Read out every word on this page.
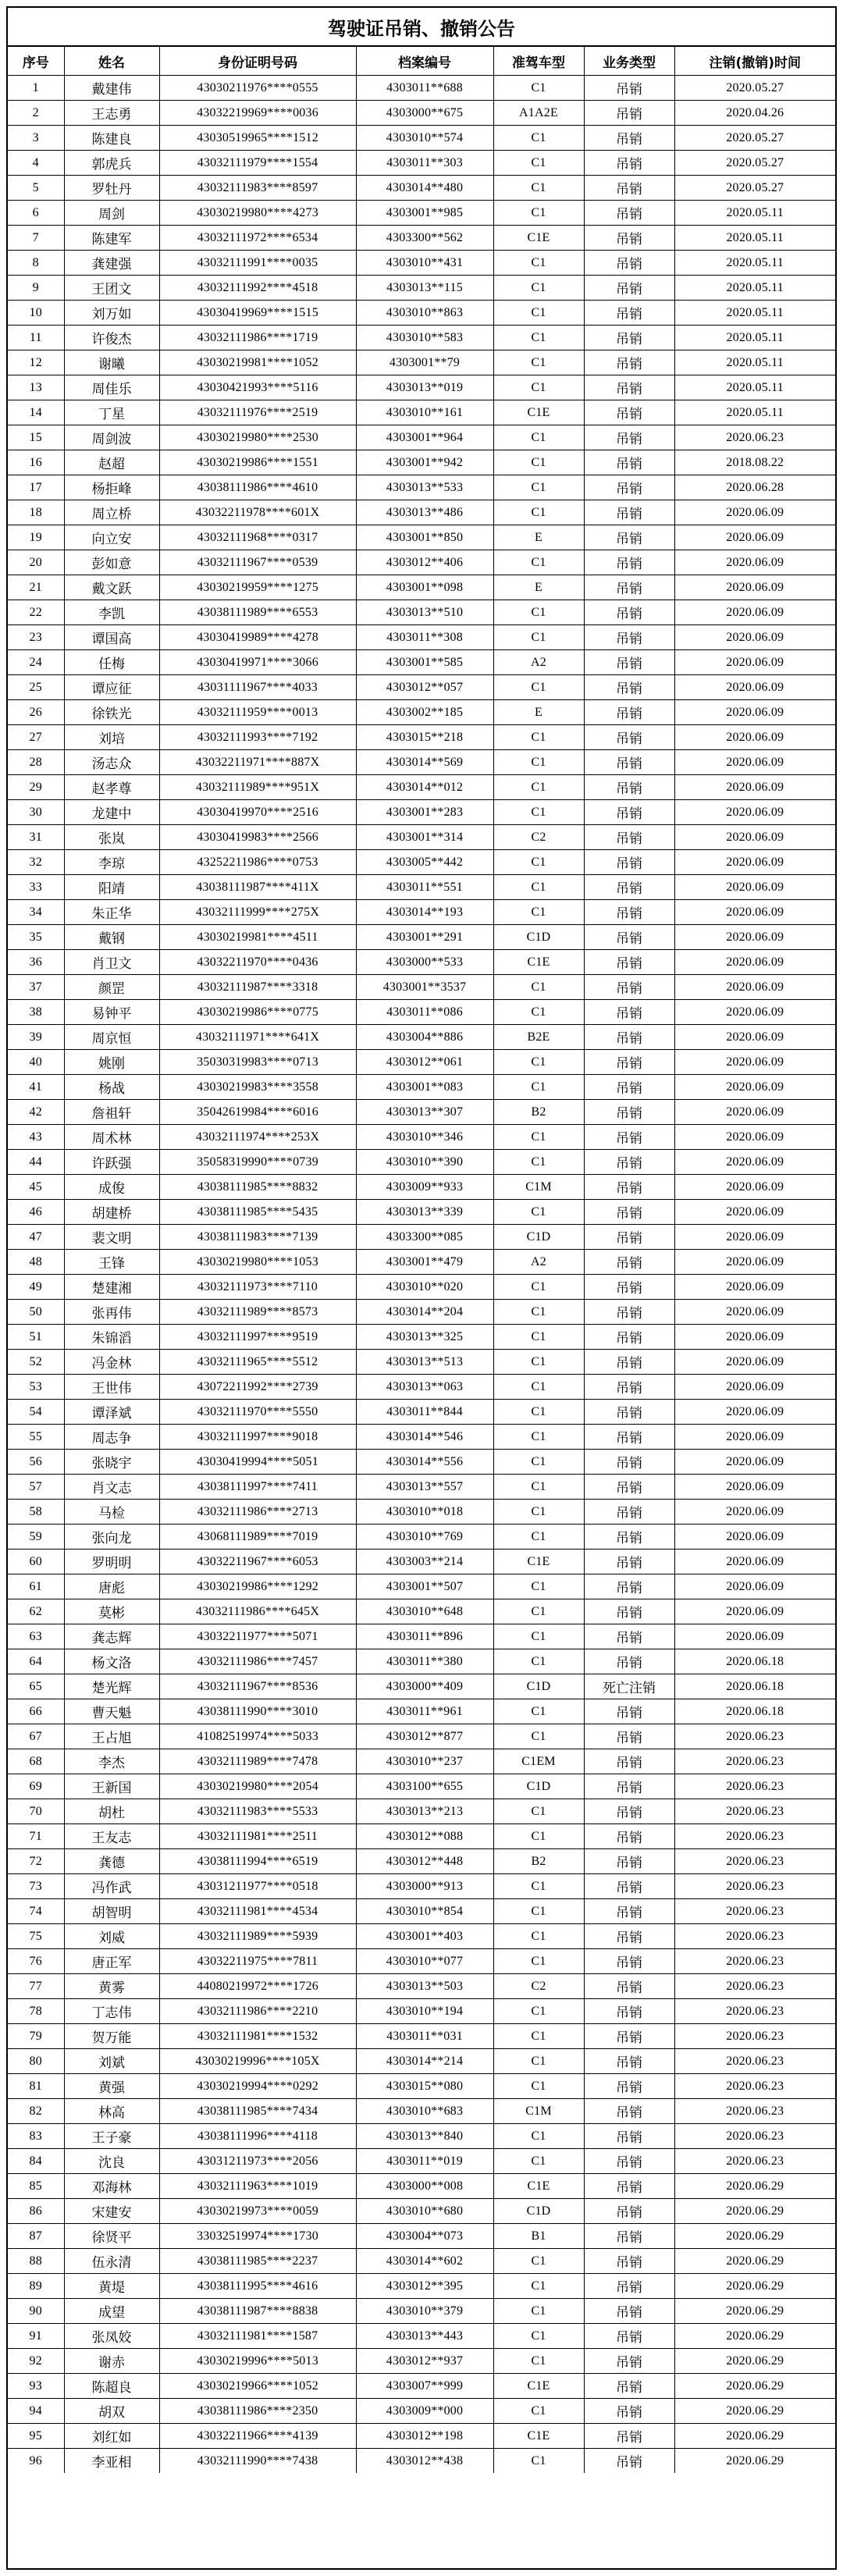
驾驶证吊销、撤销公告
序号	姓名	身份证明号码	档案编号	准驾车型	业务类型	注销(撤销)时间
1	戴建伟	43030211976****0555	4303011**688	C1	吊销	2020.05.27
2	王志勇	43032219969****0036	4303000**675	A1A2E	吊销	2020.04.26
3	陈建良	43030519965****1512	4303010**574	C1	吊销	2020.05.27
4	郭虎兵	43032111979****1554	4303011**303	C1	吊销	2020.05.27
5	罗牡丹	43032111983****8597	4303014**480	C1	吊销	2020.05.27
6	周剑	43030219980****4273	4303001**985	C1	吊销	2020.05.11
7	陈建军	43032111972****6534	4303300**562	C1E	吊销	2020.05.11
8	龚建强	43032111991****0035	4303010**431	C1	吊销	2020.05.11
9	王团文	43032111992****4518	4303013**115	C1	吊销	2020.05.11
10	刘万如	43030419969****1515	4303010**863	C1	吊销	2020.05.11
11	许俊杰	43032111986****1719	4303010**583	C1	吊销	2020.05.11
12	谢曦	43030219981****1052	4303001**79	C1	吊销	2020.05.11
13	周佳乐	43030421993****5116	4303013**019	C1	吊销	2020.05.11
14	丁星	43032111976****2519	4303010**161	C1E	吊销	2020.05.11
15	周剑波	43030219980****2530	4303001**964	C1	吊销	2020.06.23
16	赵超	43030219986****1551	4303001**942	C1	吊销	2018.08.22
17	杨拒峰	43038111986****4610	4303013**533	C1	吊销	2020.06.28
18	周立桥	43032211978****601X	4303013**486	C1	吊销	2020.06.09
19	向立安	43032111968****0317	4303001**850	E	吊销	2020.06.09
20	彭如意	43032111967****0539	4303012**406	C1	吊销	2020.06.09
21	戴文跃	43030219959****1275	4303001**098	E	吊销	2020.06.09
22	李凯	43038111989****6553	4303013**510	C1	吊销	2020.06.09
23	谭国高	43030419989****4278	4303011**308	C1	吊销	2020.06.09
24	任梅	43030419971****3066	4303001**585	A2	吊销	2020.06.09
25	谭应征	43031111967****4033	4303012**057	C1	吊销	2020.06.09
26	徐铁光	43032111959****0013	4303002**185	E	吊销	2020.06.09
27	刘培	43032111993****7192	4303015**218	C1	吊销	2020.06.09
28	汤志众	43032211971****887X	4303014**569	C1	吊销	2020.06.09
29	赵孝尊	43032111989****951X	4303014**012	C1	吊销	2020.06.09
30	龙建中	43030419970****2516	4303001**283	C1	吊销	2020.06.09
31	张岚	43030419983****2566	4303001**314	C2	吊销	2020.06.09
32	李琼	43252211986****0753	4303005**442	C1	吊销	2020.06.09
33	阳靖	43038111987****411X	4303011**551	C1	吊销	2020.06.09
34	朱正华	43032111999****275X	4303014**193	C1	吊销	2020.06.09
35	戴钢	43030219981****4511	4303001**291	C1D	吊销	2020.06.09
36	肖卫文	43032211970****0436	4303000**533	C1E	吊销	2020.06.09
37	颜罡	43032111987****3318	4303001**3537	C1	吊销	2020.06.09
38	易钟平	43030219986****0775	4303011**086	C1	吊销	2020.06.09
39	周京恒	43032111971****641X	4303004**886	B2E	吊销	2020.06.09
40	姚刚	35030319983****0713	4303012**061	C1	吊销	2020.06.09
41	杨战	43030219983****3558	4303001**083	C1	吊销	2020.06.09
42	詹祖轩	35042619984****6016	4303013**307	B2	吊销	2020.06.09
43	周术林	43032111974****253X	4303010**346	C1	吊销	2020.06.09
44	许跃强	35058319990****0739	4303010**390	C1	吊销	2020.06.09
45	成俊	43038111985****8832	4303009**933	C1M	吊销	2020.06.09
46	胡建桥	43038111985****5435	4303013**339	C1	吊销	2020.06.09
47	裴文明	43038111983****7139	4303300**085	C1D	吊销	2020.06.09
48	王锋	43030219980****1053	4303001**479	A2	吊销	2020.06.09
49	楚建湘	43032111973****7110	4303010**020	C1	吊销	2020.06.09
50	张再伟	43032111989****8573	4303014**204	C1	吊销	2020.06.09
51	朱锦滔	43032111997****9519	4303013**325	C1	吊销	2020.06.09
52	冯金林	43032111965****5512	4303013**513	C1	吊销	2020.06.09
53	王世伟	43072211992****2739	4303013**063	C1	吊销	2020.06.09
54	谭泽斌	43032111970****5550	4303011**844	C1	吊销	2020.06.09
55	周志争	43032111997****9018	4303014**546	C1	吊销	2020.06.09
56	张晓宇	43030419994****5051	4303014**556	C1	吊销	2020.06.09
57	肖文志	43038111997****7411	4303013**557	C1	吊销	2020.06.09
58	马检	43032111986****2713	4303010**018	C1	吊销	2020.06.09
59	张向龙	43068111989****7019	4303010**769	C1	吊销	2020.06.09
60	罗明明	43032211967****6053	4303003**214	C1E	吊销	2020.06.09
61	唐彪	43030219986****1292	4303001**507	C1	吊销	2020.06.09
62	莫彬	43032111986****645X	4303010**648	C1	吊销	2020.06.09
63	龚志辉	43032211977****5071	4303011**896	C1	吊销	2020.06.09
64	杨文洛	43032111986****7457	4303011**380	C1	吊销	2020.06.18
65	楚光辉	43032111967****8536	4303000**409	C1D	死亡注销	2020.06.18
66	曹天魁	43038111990****3010	4303011**961	C1	吊销	2020.06.18
67	王占旭	41082519974****5033	4303012**877	C1	吊销	2020.06.23
68	李杰	43032111989****7478	4303010**237	C1EM	吊销	2020.06.23
69	王新国	43030219980****2054	4303100**655	C1D	吊销	2020.06.23
70	胡杜	43032111983****5533	4303013**213	C1	吊销	2020.06.23
71	王友志	43032111981****2511	4303012**088	C1	吊销	2020.06.23
72	龚德	43038111994****6519	4303012**448	B2	吊销	2020.06.23
73	冯作武	43031211977****0518	4303000**913	C1	吊销	2020.06.23
74	胡智明	43032111981****4534	4303010**854	C1	吊销	2020.06.23
75	刘威	43032111989****5939	4303001**403	C1	吊销	2020.06.23
76	唐正军	43032211975****7811	4303010**077	C1	吊销	2020.06.23
77	黄雾	44080219972****1726	4303013**503	C2	吊销	2020.06.23
78	丁志伟	43032111986****2210	4303010**194	C1	吊销	2020.06.23
79	贺万能	43032111981****1532	4303011**031	C1	吊销	2020.06.23
80	刘斌	43030219996****105X	4303014**214	C1	吊销	2020.06.23
81	黄强	43030219994****0292	4303015**080	C1	吊销	2020.06.23
82	林高	43038111985****7434	4303010**683	C1M	吊销	2020.06.23
83	王子豪	43038111996****4118	4303013**840	C1	吊销	2020.06.23
84	沈良	43031211973****2056	4303011**019	C1	吊销	2020.06.23
85	邓海林	43032111963****1019	4303000**008	C1E	吊销	2020.06.29
86	宋建安	43030219973****0059	4303010**680	C1D	吊销	2020.06.29
87	徐贤平	33032519974****1730	4303004**073	B1	吊销	2020.06.29
88	伍永清	43038111985****2237	4303014**602	C1	吊销	2020.06.29
89	黄堤	43038111995****4616	4303012**395	C1	吊销	2020.06.29
90	成望	43038111987****8838	4303010**379	C1	吊销	2020.06.29
91	张凤姣	43032111981****1587	4303013**443	C1	吊销	2020.06.29
92	谢赤	43030219996****5013	4303012**937	C1	吊销	2020.06.29
93	陈超良	43030219966****1052	4303007**999	C1E	吊销	2020.06.29
94	胡双	43038111986****2350	4303009**000	C1	吊销	2020.06.29
95	刘红如	43032211966****4139	4303012**198	C1E	吊销	2020.06.29
96	李亚相	43032111990****7438	4303012**438	C1	吊销	2020.06.29
